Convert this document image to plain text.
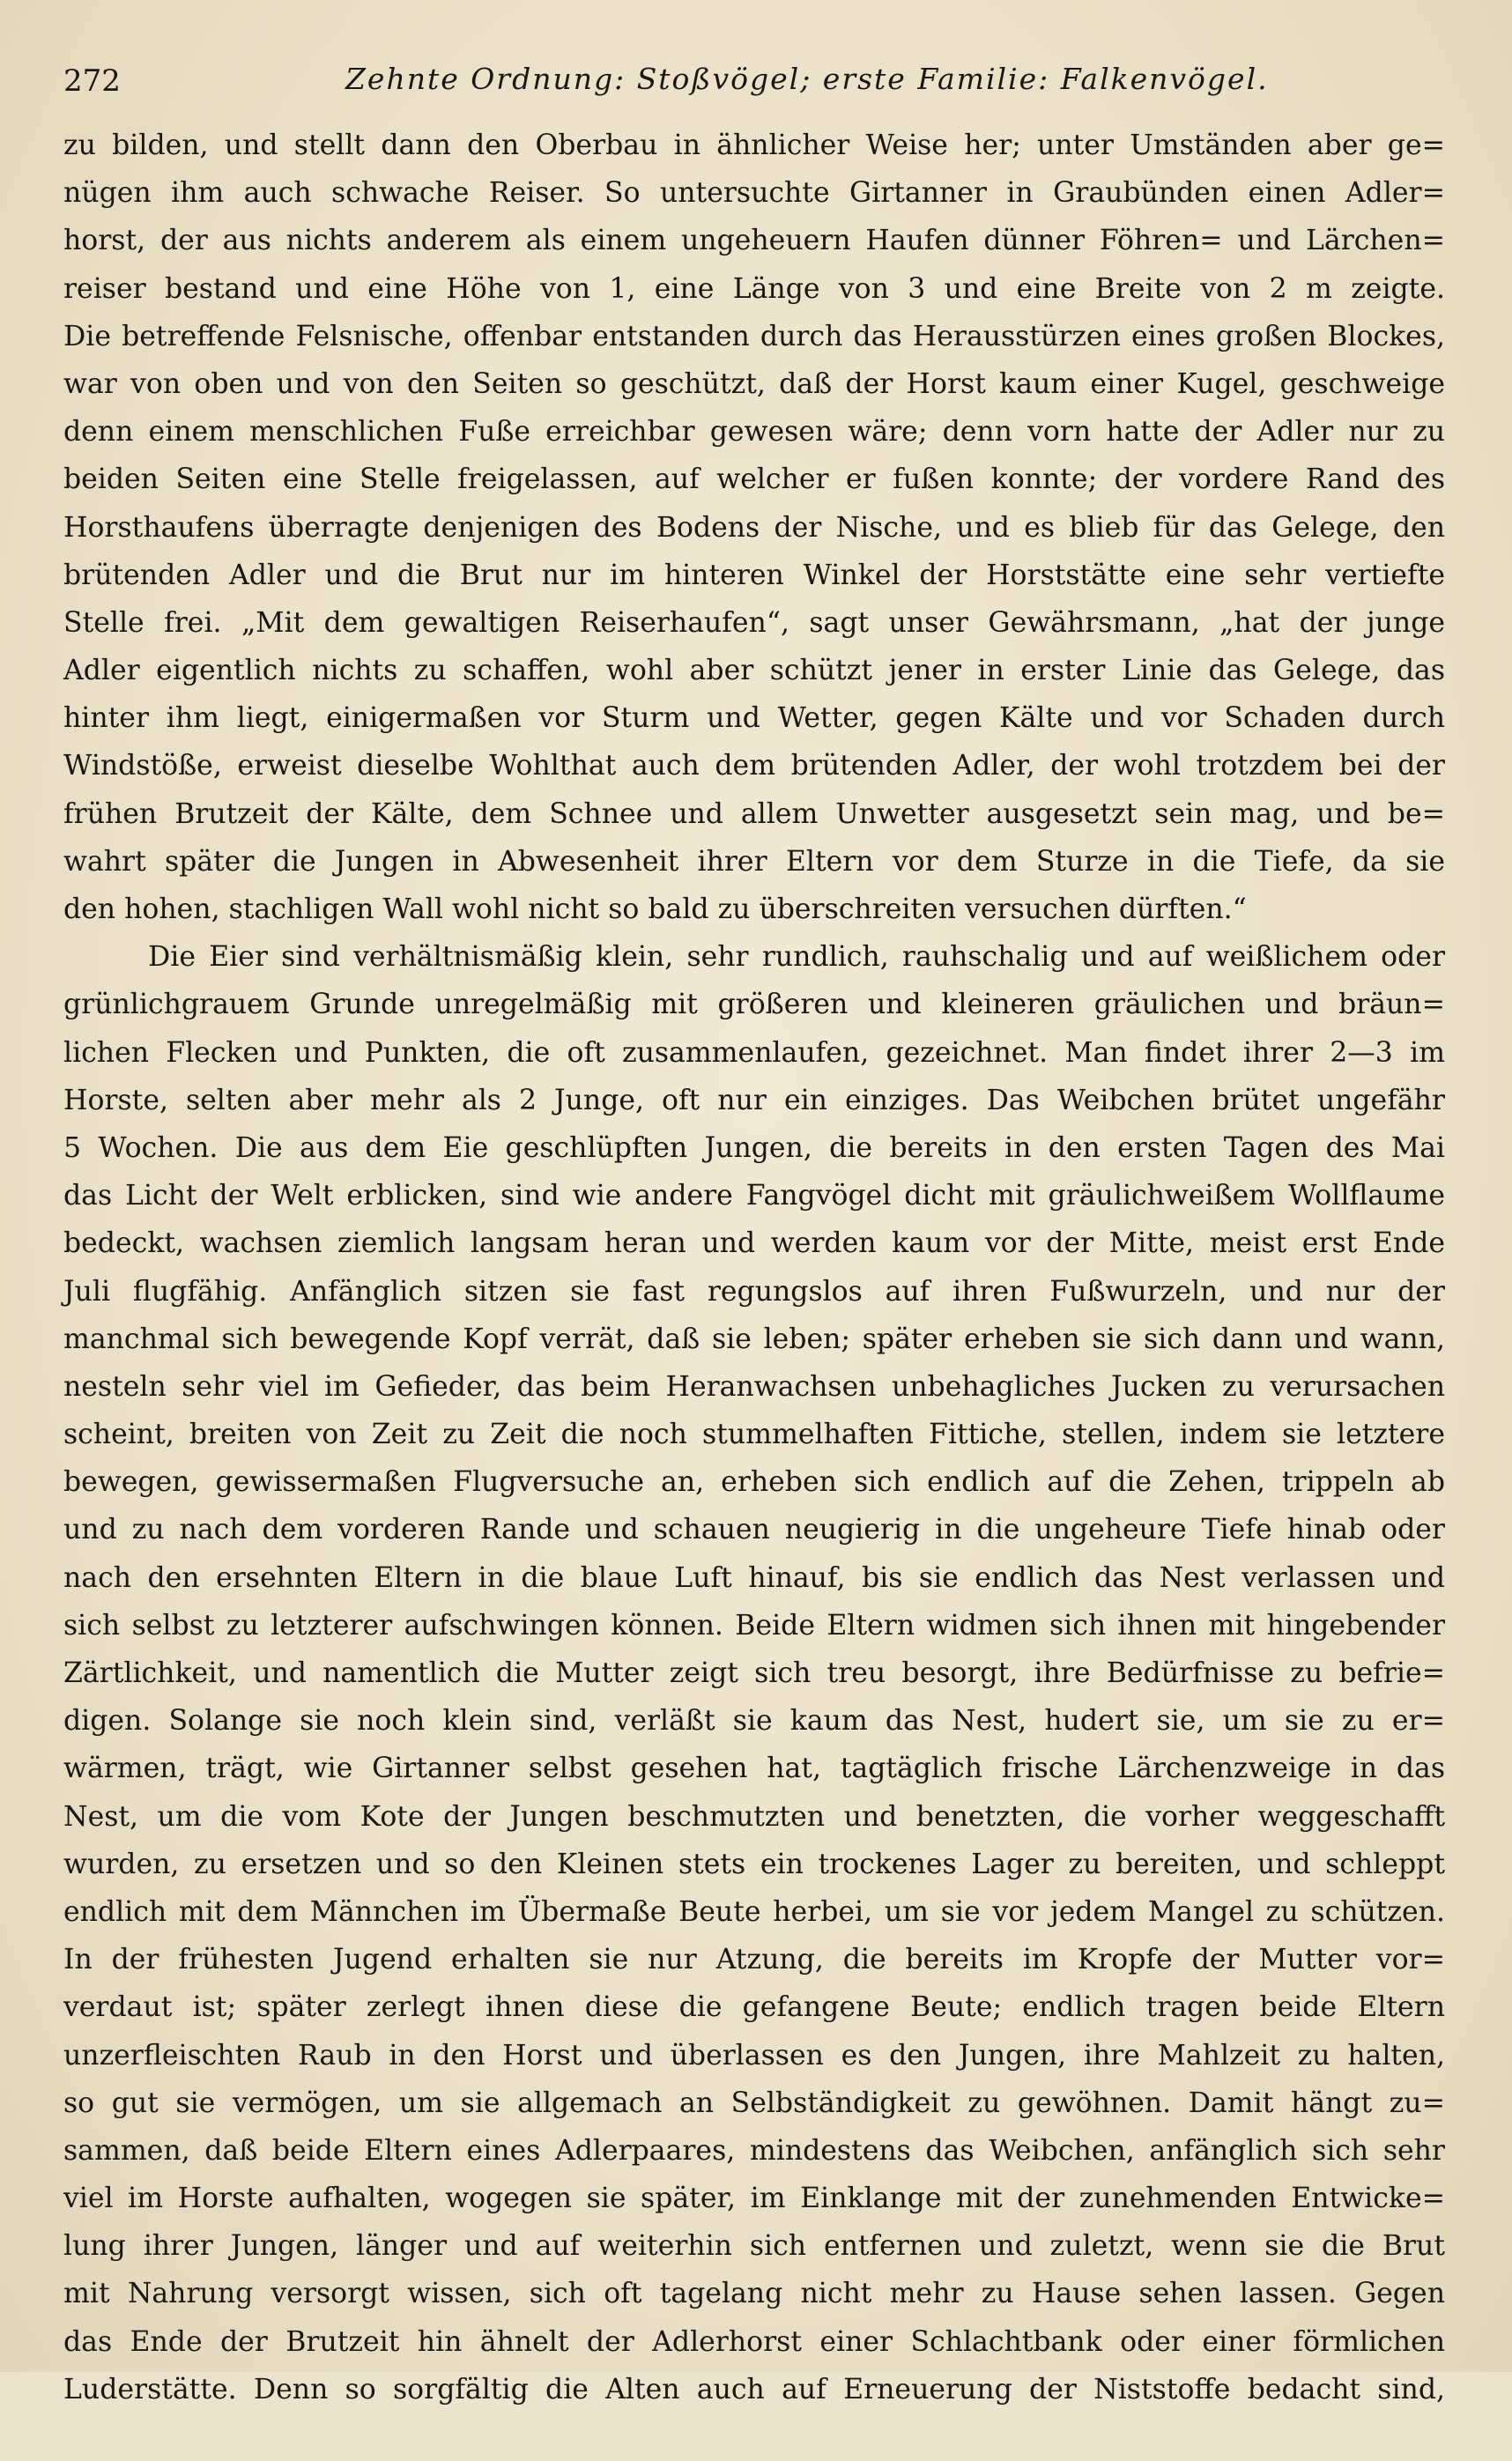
272	Zehnte Ordnung: Stoßvögel; erste Familie: Falkenvögel.
zu bilden, und stellt dann den Oberbau in ähnlicher Weise her; unter Umständen aber ge=
nügen ihm auch schwache Reiser. So untersuchte Girtanner in Graubünden einen Adler=
horst, der aus nichts anderem als einem ungeheuern Haufen dünner Föhren= und Lärchen=
reiser bestand und eine Höhe von 1, eine Länge von 3 und eine Breite von 2 m zeigte.
Die betreffende Felsnische, offenbar entstanden durch das Herausstürzen eines großen Blockes,
war von oben und von den Seiten so geschützt, daß der Horst kaum einer Kugel, geschweige
denn einem menschlichen Fuße erreichbar gewesen wäre; denn vorn hatte der Adler nur zu
beiden Seiten eine Stelle freigelassen, auf welcher er fußen konnte; der vordere Rand des
Horsthaufens überragte denjenigen des Bodens der Nische, und es blieb für das Gelege, den
brütenden Adler und die Brut nur im hinteren Winkel der Horststätte eine sehr vertiefte
Stelle frei. „Mit dem gewaltigen Reiserhaufen“, sagt unser Gewährsmann, „hat der junge
Adler eigentlich nichts zu schaffen, wohl aber schützt jener in erster Linie das Gelege, das
hinter ihm liegt, einigermaßen vor Sturm und Wetter, gegen Kälte und vor Schaden durch
Windstöße, erweist dieselbe Wohlthat auch dem brütenden Adler, der wohl trotzdem bei der
frühen Brutzeit der Kälte, dem Schnee und allem Unwetter ausgesetzt sein mag, und be=
wahrt später die Jungen in Abwesenheit ihrer Eltern vor dem Sturze in die Tiefe, da sie
den hohen, stachligen Wall wohl nicht so bald zu überschreiten versuchen dürften.“
Die Eier sind verhältnismäßig klein, sehr rundlich, rauhschalig und auf weißlichem oder
grünlichgrauem Grunde unregelmäßig mit größeren und kleineren gräulichen und bräun=
lichen Flecken und Punkten, die oft zusammenlaufen, gezeichnet. Man findet ihrer 2—3 im
Horste, selten aber mehr als 2 Junge, oft nur ein einziges. Das Weibchen brütet ungefähr
5 Wochen. Die aus dem Eie geschlüpften Jungen, die bereits in den ersten Tagen des Mai
das Licht der Welt erblicken, sind wie andere Fangvögel dicht mit gräulichweißem Wollflaume
bedeckt, wachsen ziemlich langsam heran und werden kaum vor der Mitte, meist erst Ende
Juli flugfähig. Anfänglich sitzen sie fast regungslos auf ihren Fußwurzeln, und nur der
manchmal sich bewegende Kopf verrät, daß sie leben; später erheben sie sich dann und wann,
nesteln sehr viel im Gefieder, das beim Heranwachsen unbehagliches Jucken zu verursachen
scheint, breiten von Zeit zu Zeit die noch stummelhaften Fittiche, stellen, indem sie letztere
bewegen, gewissermaßen Flugversuche an, erheben sich endlich auf die Zehen, trippeln ab
und zu nach dem vorderen Rande und schauen neugierig in die ungeheure Tiefe hinab oder
nach den ersehnten Eltern in die blaue Luft hinauf, bis sie endlich das Nest verlassen und
sich selbst zu letzterer aufschwingen können. Beide Eltern widmen sich ihnen mit hingebender
Zärtlichkeit, und namentlich die Mutter zeigt sich treu besorgt, ihre Bedürfnisse zu befrie=
digen. Solange sie noch klein sind, verläßt sie kaum das Nest, hudert sie, um sie zu er=
wärmen, trägt, wie Girtanner selbst gesehen hat, tagtäglich frische Lärchenzweige in das
Nest, um die vom Kote der Jungen beschmutzten und benetzten, die vorher weggeschafft
wurden, zu ersetzen und so den Kleinen stets ein trockenes Lager zu bereiten, und schleppt
endlich mit dem Männchen im Übermaße Beute herbei, um sie vor jedem Mangel zu schützen.
In der frühesten Jugend erhalten sie nur Atzung, die bereits im Kropfe der Mutter vor=
verdaut ist; später zerlegt ihnen diese die gefangene Beute; endlich tragen beide Eltern
unzerfleischten Raub in den Horst und überlassen es den Jungen, ihre Mahlzeit zu halten,
so gut sie vermögen, um sie allgemach an Selbständigkeit zu gewöhnen. Damit hängt zu=
sammen, daß beide Eltern eines Adlerpaares, mindestens das Weibchen, anfänglich sich sehr
viel im Horste aufhalten, wogegen sie später, im Einklange mit der zunehmenden Entwicke=
lung ihrer Jungen, länger und auf weiterhin sich entfernen und zuletzt, wenn sie die Brut
mit Nahrung versorgt wissen, sich oft tagelang nicht mehr zu Hause sehen lassen. Gegen
das Ende der Brutzeit hin ähnelt der Adlerhorst einer Schlachtbank oder einer förmlichen
Luderstätte. Denn so sorgfältig die Alten auch auf Erneuerung der Niststoffe bedacht sind,
